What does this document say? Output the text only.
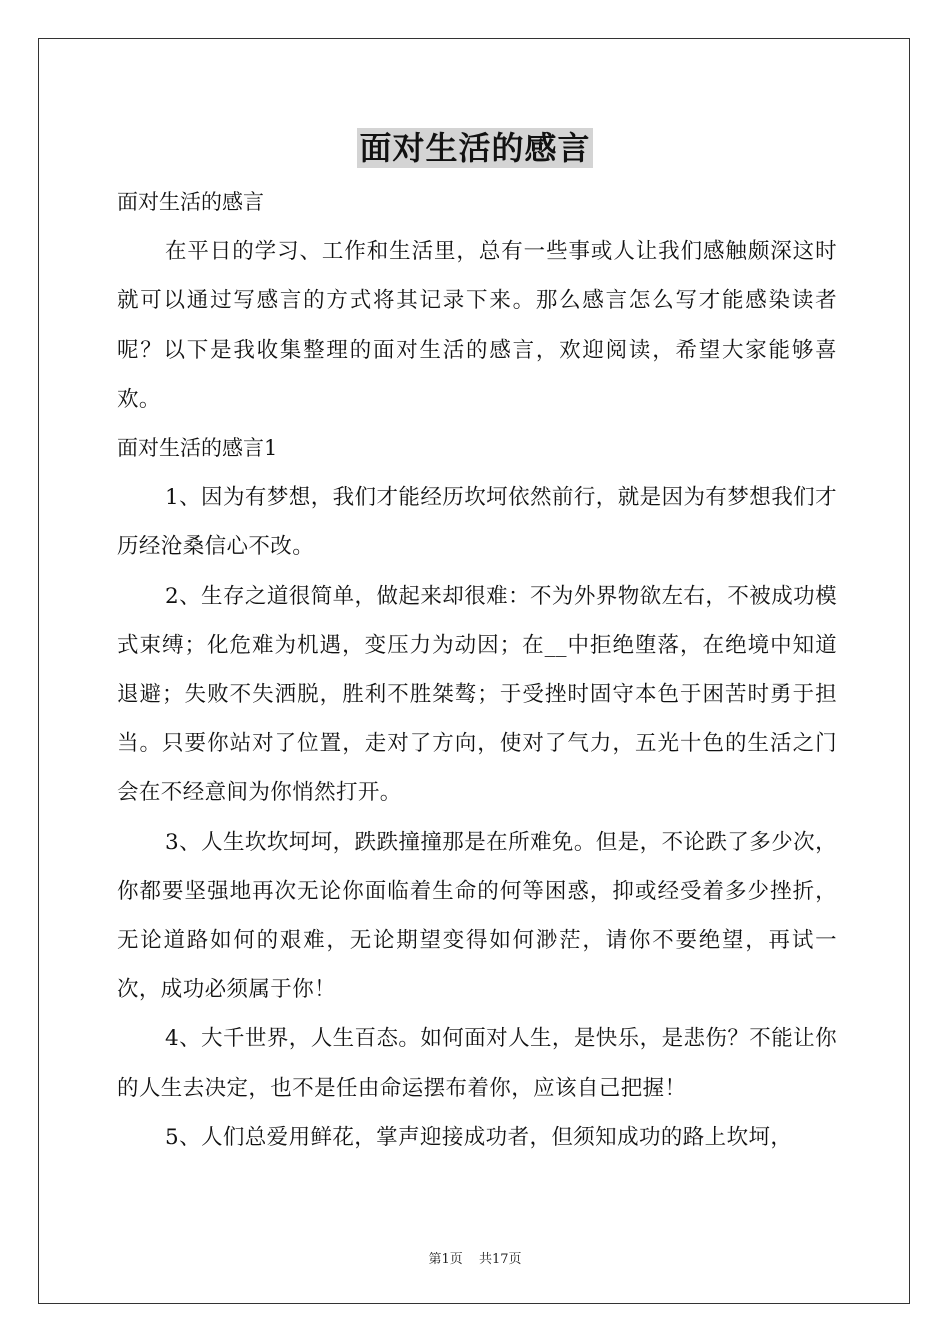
面对生活的感言

面对生活的感言

在平日的学习、工作和生活里，总有一些事或人让我们感触颇深这时就可以通过写感言的方式将其记录下来。那么感言怎么写才能感染读者呢？以下是我收集整理的面对生活的感言，欢迎阅读，希望大家能够喜欢。

面对生活的感言1

1、因为有梦想，我们才能经历坎坷依然前行，就是因为有梦想我们才历经沧桑信心不改。

2、生存之道很简单，做起来却很难：不为外界物欲左右，不被成功模式束缚；化危难为机遇，变压力为动因；在__中拒绝堕落，在绝境中知道退避；失败不失洒脱，胜利不胜桀骜；于受挫时固守本色于困苦时勇于担当。只要你站对了位置，走对了方向，使对了气力，五光十色的生活之门会在不经意间为你悄然打开。

3、人生坎坎坷坷，跌跌撞撞那是在所难免。但是，不论跌了多少次，你都要坚强地再次无论你面临着生命的何等困惑，抑或经受着多少挫折，无论道路如何的艰难，无论期望变得如何渺茫，请你不要绝望，再试一次，成功必须属于你！

4、大千世界，人生百态。如何面对人生，是快乐，是悲伤？不能让你的人生去决定，也不是任由命运摆布着你，应该自己把握！

5、人们总爱用鲜花，掌声迎接成功者，但须知成功的路上坎坷，

第1页 共17页
